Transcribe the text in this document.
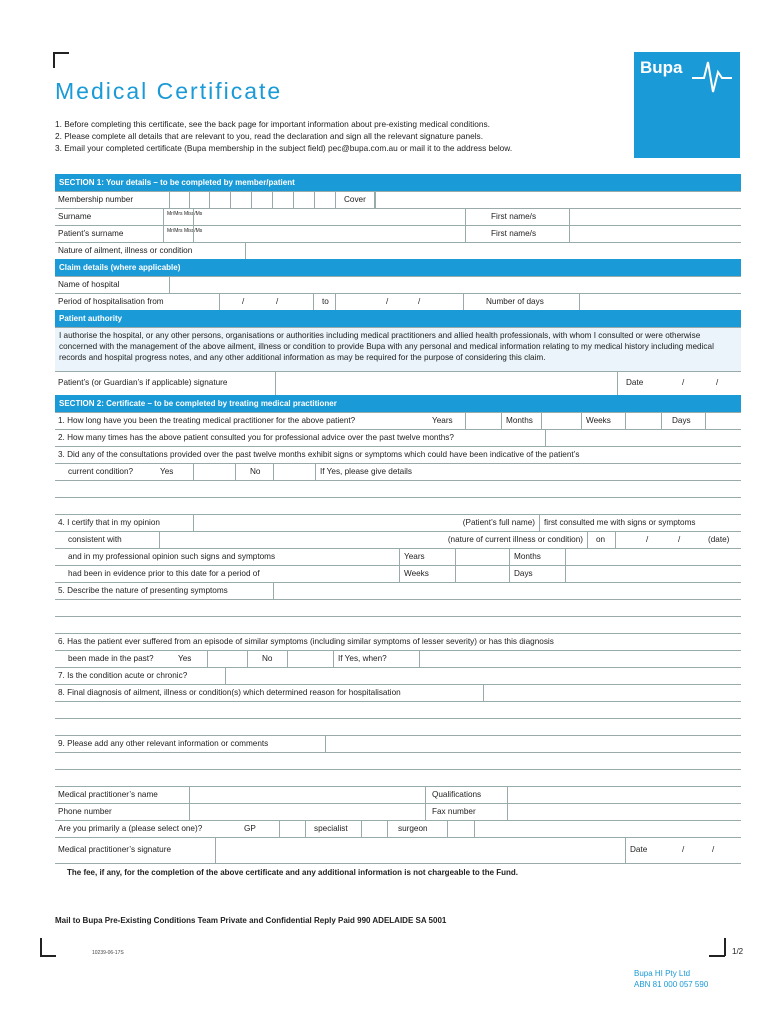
Medical Certificate
Bupa
1. Before completing this certificate, see the back page for important information about pre-existing medical conditions.
2. Please complete all details that are relevant to you, read the declaration and sign all the relevant signature panels.
3. Email your completed certificate (Bupa membership in the subject field) pec@bupa.com.au or mail it to the address below.
SECTION 1: Your details – to be completed by member/patient
Membership number	Cover
Surname	Mr/Mrs Miss/Ms	First name/s
Patient’s surname	Mr/Mrs Miss/Ms	First name/s
Nature of ailment, illness or condition
Claim details (where applicable)
Name of hospital
Period of hospitalisation from	/	/	to	/	/	Number of days
Patient authority
I authorise the hospital, or any other persons, organisations or authorities including medical practitioners and allied health professionals, with whom I consulted or were otherwise concerned with the management of the above ailment, illness or condition to provide Bupa with any personal and medical information relating to my medical history including medical records and hospital progress notes, and any other additional information as may be required for the purpose of considering this claim.
Patient’s (or Guardian’s if applicable) signature	Date	/	/
SECTION 2: Certificate – to be completed by treating medical practitioner
1. How long have you been the treating medical practitioner for the above patient?	Years	Months	Weeks	Days
2. How many times has the above patient consulted you for professional advice over the past twelve months?
3. Did any of the consultations provided over the past twelve months exhibit signs or symptoms which could have been indicative of the patient’s
current condition?	Yes	No	If Yes, please give details
4. I certify that in my opinion	(Patient’s full name)	first consulted me with signs or symptoms
consistent with	(nature of current illness or condition)	on	/	/	(date)
and in my professional opinion such signs and symptoms	Years	Months
had been in evidence prior to this date for a period of	Weeks	Days
5. Describe the nature of presenting symptoms
6. Has the patient ever suffered from an episode of similar symptoms (including similar symptoms of lesser severity) or has this diagnosis
been made in the past?	Yes	No	If Yes, when?
7. Is the condition acute or chronic?
8. Final diagnosis of ailment, illness or condition(s) which determined reason for hospitalisation
9. Please add any other relevant information or comments
Medical practitioner’s name	Qualifications
Phone number	Fax number
Are you primarily a (please select one)?	GP	specialist	surgeon
Medical practitioner’s signature	Date	/	/
The fee, if any, for the completion of the above certificate and any additional information is not chargeable to the Fund.
Mail to Bupa Pre-Existing Conditions Team Private and Confidential Reply Paid 990 ADELAIDE SA 5001
10239-06-17S	1/2
Bupa HI Pty Ltd
ABN 81 000 057 590
